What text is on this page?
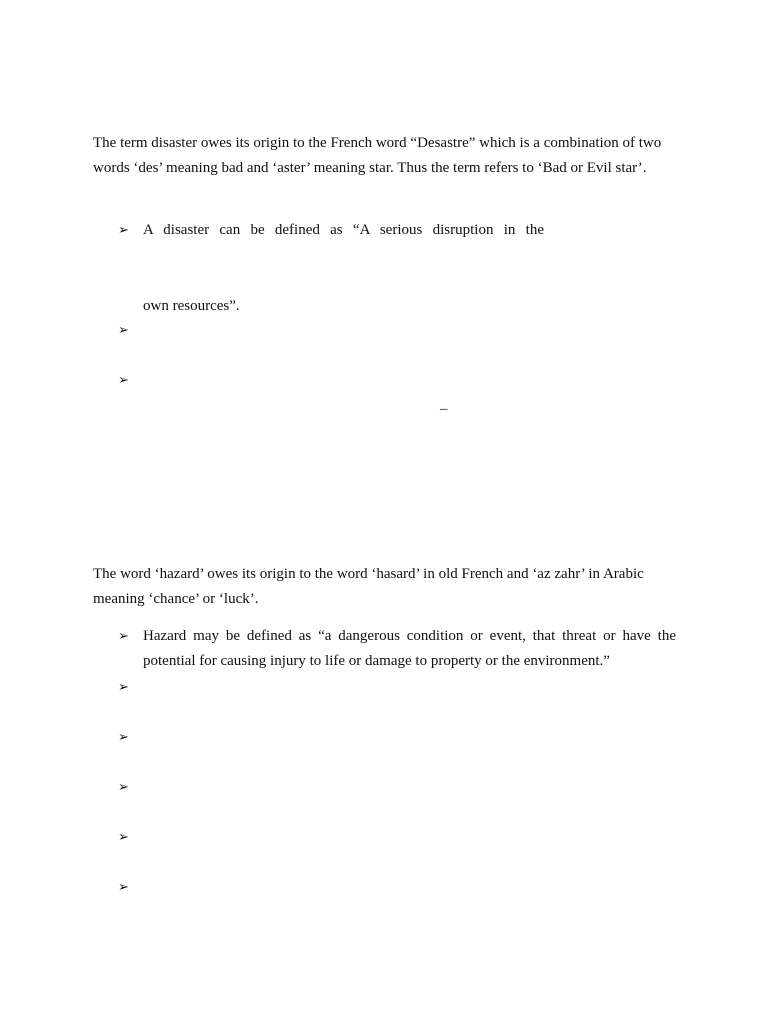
The term disaster owes its origin to the French word “Desastre” which is a combination of two words ‘des’ meaning bad and ‘aster’ meaning star. Thus the term refers to ‘Bad or Evil star’.

➢ A disaster can be defined as “A serious disruption in the

own resources”.

➢
➢
–

The word ‘hazard’ owes its origin to the word ‘hasard’ in old French and ‘az zahr’ in Arabic meaning ‘chance’ or ‘luck’.

➢ Hazard may be defined as “a dangerous condition or event, that threat or have the potential for causing injury to life or damage to property or the environment.”

➢
➢
➢
➢
➢
